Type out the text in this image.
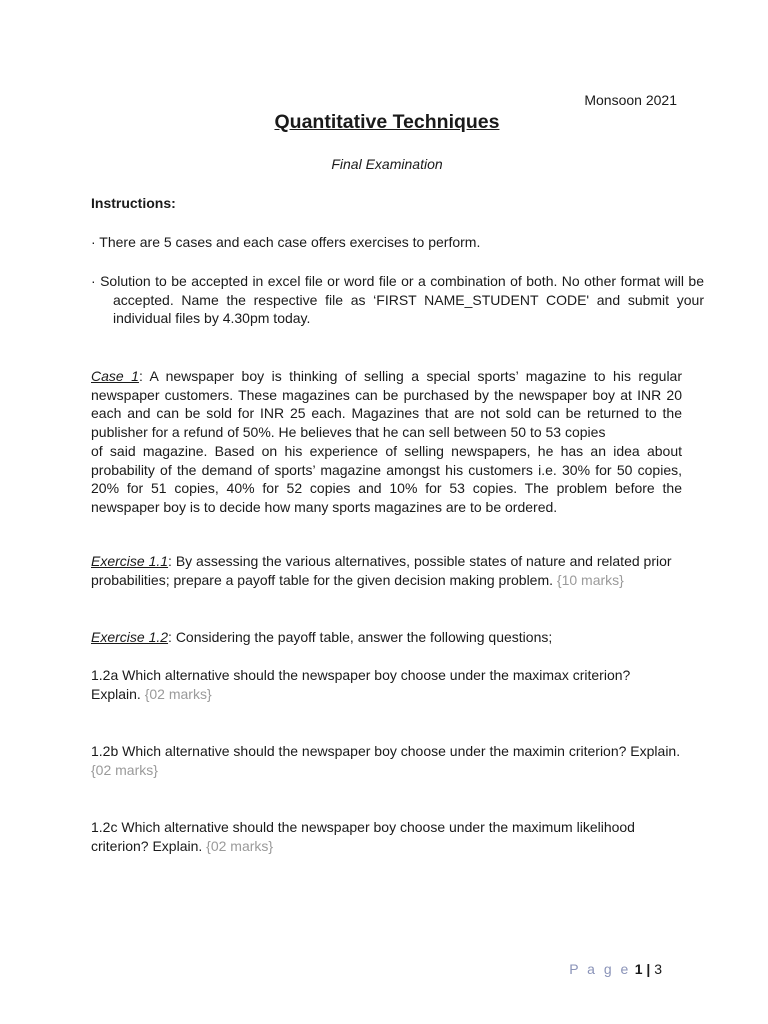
Monsoon 2021
Quantitative Techniques
Final Examination
Instructions:
· There are 5 cases and each case offers exercises to perform.
· Solution to be accepted in excel file or word file or a combination of both. No other format will be accepted. Name the respective file as ‘FIRST NAME_STUDENT CODE' and submit your individual files by 4.30pm today.
Case 1: A newspaper boy is thinking of selling a special sports’ magazine to his regular newspaper customers. These magazines can be purchased by the newspaper boy at INR 20 each and can be sold for INR 25 each. Magazines that are not sold can be returned to the publisher for a refund of 50%. He believes that he can sell between 50 to 53 copies
of said magazine. Based on his experience of selling newspapers, he has an idea about probability of the demand of sports’ magazine amongst his customers i.e. 30% for 50 copies, 20% for 51 copies, 40% for 52 copies and 10% for 53 copies. The problem before the newspaper boy is to decide how many sports magazines are to be ordered.
Exercise 1.1: By assessing the various alternatives, possible states of nature and related prior probabilities; prepare a payoff table for the given decision making problem. {10 marks}
Exercise 1.2: Considering the payoff table, answer the following questions;
1.2a Which alternative should the newspaper boy choose under the maximax criterion? Explain. {02 marks}
1.2b Which alternative should the newspaper boy choose under the maximin criterion? Explain. {02 marks}
1.2c Which alternative should the newspaper boy choose under the maximum likelihood criterion? Explain. {02 marks}
P a g e 1 | 3
